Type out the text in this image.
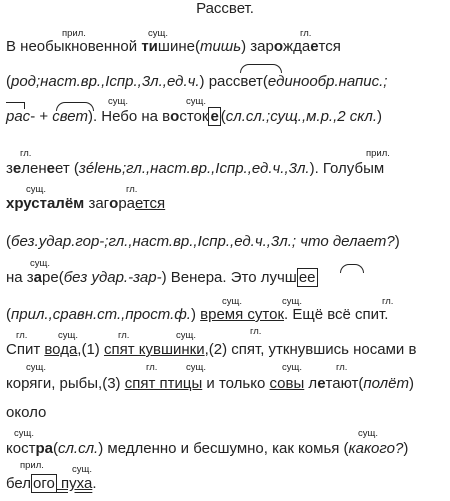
Рассвет.
прил.	сущ.	гл.
В необыкновенной тишине(тишь) зарождается
(род;наст.вр.,Iспр.,3л.,ед.ч.) рассвет(единообр.напис.;
сущ.	сущ.
рас- + свет). Небо на восток е (сл.сл.;сущ.,м.р.,2 скл.)
гл.	прил.
зеленеет (зélень;гл.,наст.вр.,Iспр.,ед.ч.,3л.). Голубым
сущ.	гл.
хрусталём загорается
(без.удар.гор-;гл.,наст.вр.,Iспр.,ед.ч.,3л.; что делает?)
сущ.
на заре(без удар.-зар-) Венера. Это лучш ее
сущ.	сущ.	гл.
(прил.,сравн.ст.,прост.ф.) время суток. Ещё всё спит.
гл.	сущ.	гл.	сущ.	гл.
Спит вода,(1) спят кувшинки,(2) спят, уткнувшись носами в
сущ.	гл.	сущ.	сущ.	гл.
коряги, рыбы,(3) спят птицы и только совы летают(полёт)
около
сущ.	сущ.
костра(сл.сл.) медленно и бесшумно, как комья (какого?)
прил.	сущ.
бел ого пуха.
